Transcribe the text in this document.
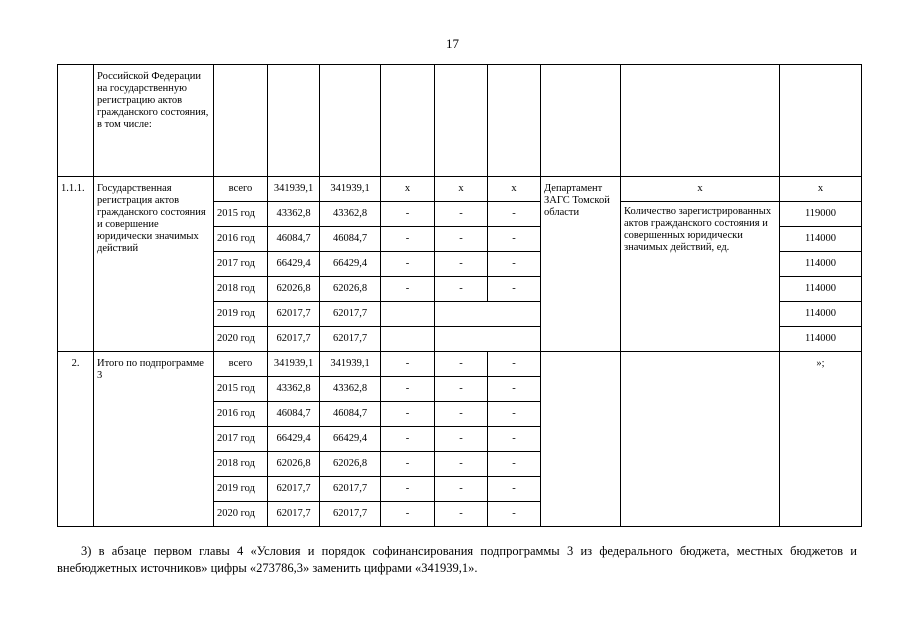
17
	Российской Федерации на государственную регистрацию актов гражданского состояния, в том числе:									
1.1.1.	Государственная регистрация актов гражданского состояния и совершение юридически значимых действий	всего	341939,1	341939,1	x	x	x	Департамент ЗАГС Томской области	x	x
		2015 год	43362,8	43362,8	-	-	-		Количество зарегистрированных актов гражданского состояния и совершенных юридически значимых действий, ед.	119000
		2016 год	46084,7	46084,7	-	-	-			114000
		2017 год	66429,4	66429,4	-	-	-			114000
		2018 год	62026,8	62026,8	-	-	-			114000
		2019 год	62017,7	62017,7						114000
		2020 год	62017,7	62017,7						114000
2.	Итого по подпрограмме 3	всего	341939,1	341939,1	-	-	-			»;
		2015 год	43362,8	43362,8	-	-	-			
		2016 год	46084,7	46084,7	-	-	-			
		2017 год	66429,4	66429,4	-	-	-			
		2018 год	62026,8	62026,8	-	-	-			
		2019 год	62017,7	62017,7	-	-	-			
		2020 год	62017,7	62017,7	-	-	-			

3) в абзаце первом главы 4 «Условия и порядок софинансирования подпрограммы 3 из федерального бюджета, местных бюджетов и внебюджетных источников» цифры «273786,3» заменить цифрами «341939,1».
